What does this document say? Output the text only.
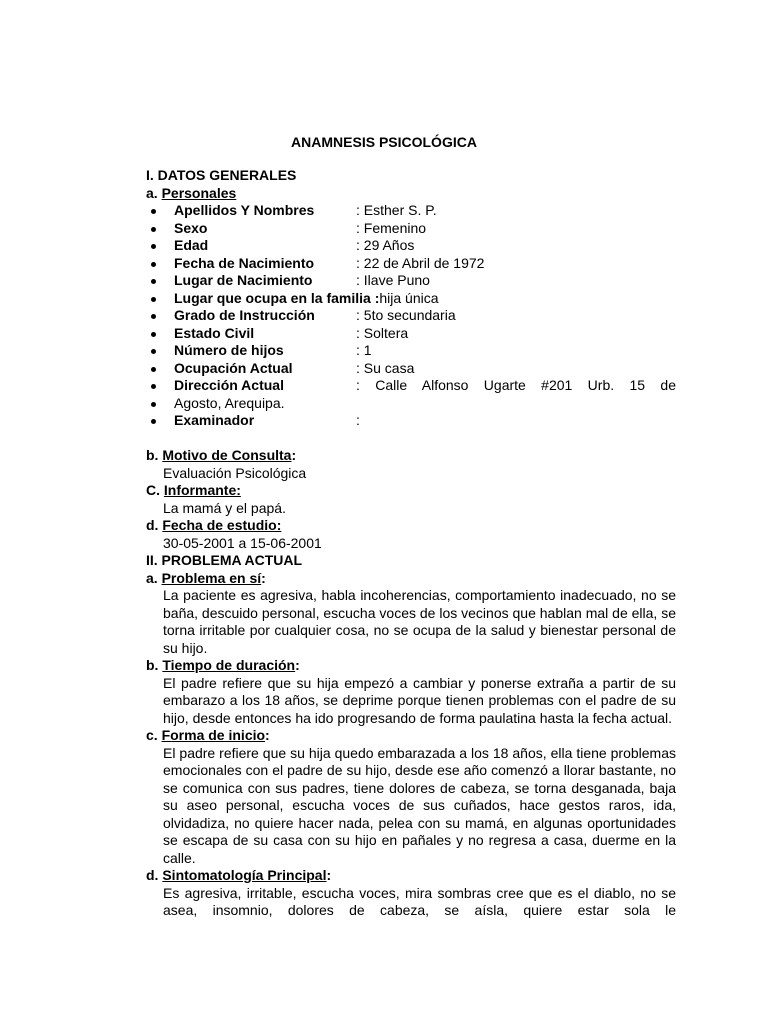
ANAMNESIS PSICOLÓGICA
I. DATOS GENERALES
a. Personales
Apellidos Y Nombres	: Esther S. P.
Sexo	: Femenino
Edad	: 29 Años
Fecha de Nacimiento	: 22 de Abril de 1972
Lugar de Nacimiento	: Ilave Puno
Lugar que ocupa en la familia :hija única
Grado de Instrucción	: 5to secundaria
Estado Civil	: Soltera
Número de hijos	: 1
Ocupación Actual	: Su casa
Dirección Actual	: Calle Alfonso Ugarte #201 Urb. 15 de
Agosto, Arequipa.
Examinador	:
b. Motivo de Consulta:
Evaluación Psicológica
C. Informante:
La mamá y el papá.
d. Fecha de estudio:
30-05-2001 a 15-06-2001
II. PROBLEMA ACTUAL
a. Problema en sí:
La paciente es agresiva, habla incoherencias, comportamiento inadecuado, no se baña, descuido personal, escucha voces de los vecinos que hablan mal de ella, se torna irritable por cualquier cosa, no se ocupa de la salud y bienestar personal de su hijo.
b. Tiempo de duración:
El padre refiere que su hija empezó a cambiar y ponerse extraña a partir de su embarazo a los 18 años, se deprime porque tienen problemas con el padre de su hijo, desde entonces ha ido progresando de forma paulatina hasta la fecha actual.
c. Forma de inicio:
El padre refiere que su hija quedo embarazada a los 18 años, ella tiene problemas emocionales con el padre de su hijo, desde ese año comenzó a llorar bastante, no se comunica con sus padres, tiene dolores de cabeza, se torna desganada, baja su aseo personal, escucha voces de sus cuñados, hace gestos raros, ida, olvidadiza, no quiere hacer nada, pelea con su mamá, en algunas oportunidades se escapa de su casa con su hijo en pañales y no regresa a casa, duerme en la calle.
d. Sintomatología Principal:
Es agresiva, irritable, escucha voces, mira sombras cree que es el diablo, no se asea, insomnio, dolores de cabeza, se aísla, quiere estar sola le
